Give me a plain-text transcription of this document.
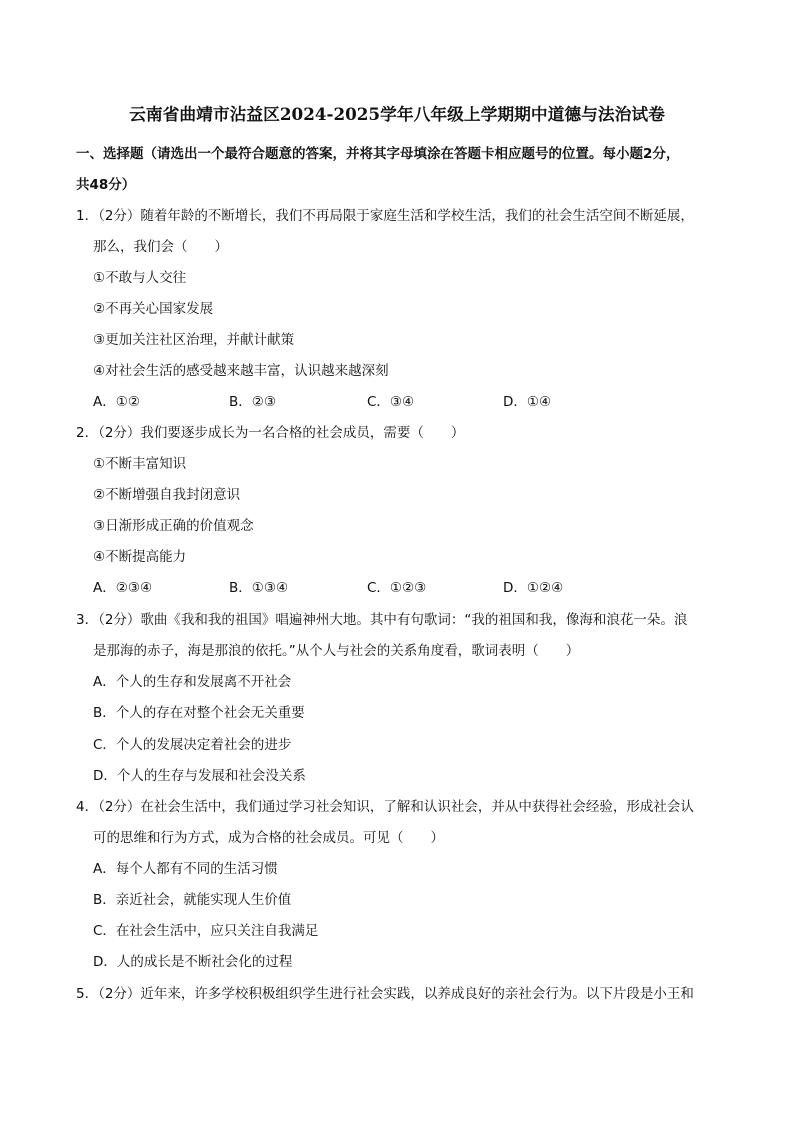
云南省曲靖市沾益区2024-2025学年八年级上学期期中道德与法治试卷
一、选择题（请选出一个最符合题意的答案，并将其字母填涂在答题卡相应题号的位置。每小题2分，
共48分）
1．（2分）随着年龄的不断增长，我们不再局限于家庭生活和学校生活，我们的社会生活空间不断延展，
那么，我们会（　　）
①不敢与人交往
②不再关心国家发展
③更加关注社区治理，并献计献策
④对社会生活的感受越来越丰富，认识越来越深刻
A．①②	B．②③	C．③④	D．①④
2．（2分）我们要逐步成长为一名合格的社会成员，需要（　　）
①不断丰富知识
②不断增强自我封闭意识
③日渐形成正确的价值观念
④不断提高能力
A．②③④	B．①③④	C．①②③	D．①②④
3．（2分）歌曲《我和我的祖国》唱遍神州大地。其中有句歌词：“我的祖国和我，像海和浪花一朵。浪
是那海的赤子，海是那浪的依托。”从个人与社会的关系角度看，歌词表明（　　）
A．个人的生存和发展离不开社会
B．个人的存在对整个社会无关重要
C．个人的发展决定着社会的进步
D．个人的生存与发展和社会没关系
4．（2分）在社会生活中，我们通过学习社会知识，了解和认识社会，并从中获得社会经验，形成社会认
可的思维和行为方式，成为合格的社会成员。可见（　　）
A．每个人都有不同的生活习惯
B．亲近社会，就能实现人生价值
C．在社会生活中，应只关注自我满足
D．人的成长是不断社会化的过程
5．（2分）近年来，许多学校积极组织学生进行社会实践，以养成良好的亲社会行为。以下片段是小王和
